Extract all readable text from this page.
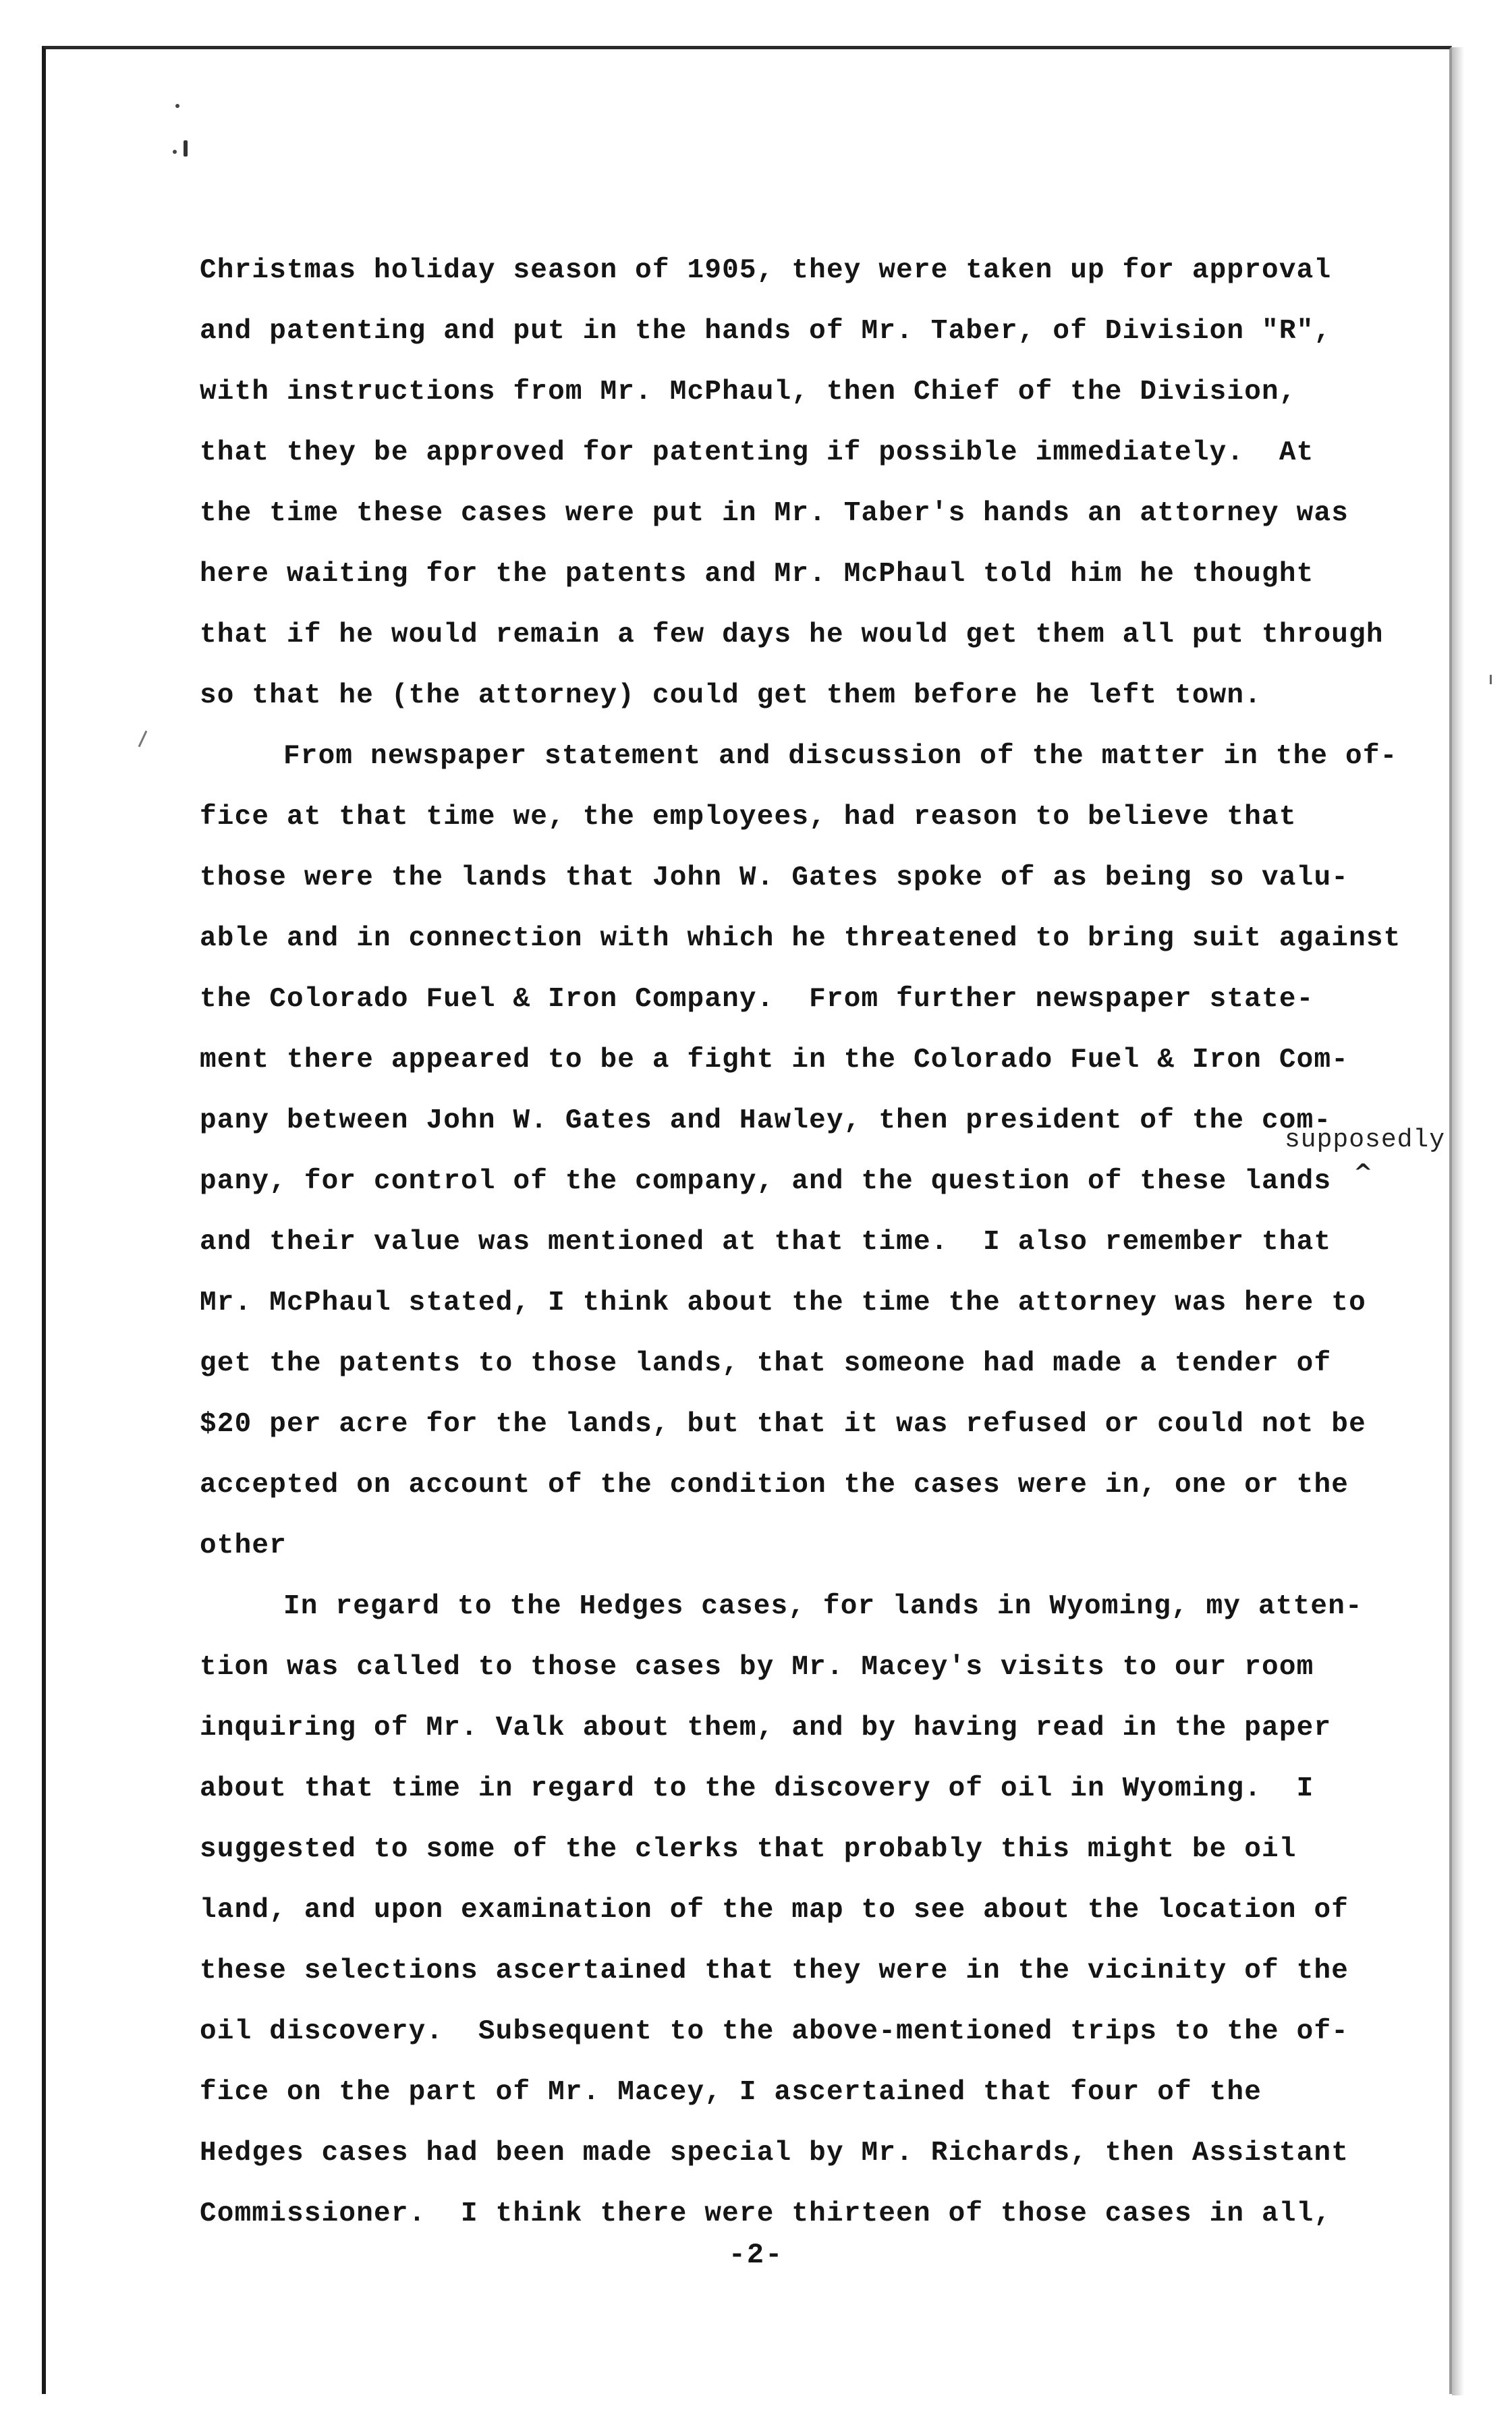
Christmas holiday season of 1905, they were taken up for approval
and patenting and put in the hands of Mr. Taber, of Division "R",
with instructions from Mr. McPhaul, then Chief of the Division,
that they be approved for patenting if possible immediately.  At
the time these cases were put in Mr. Taber's hands an attorney was
here waiting for the patents and Mr. McPhaul told him he thought
that if he would remain a few days he would get them all put through
so that he (the attorney) could get them before he left town.
From newspaper statement and discussion of the matter in the of-
fice at that time we, the employees, had reason to believe that
those were the lands that John W. Gates spoke of as being so valu-
able and in connection with which he threatened to bring suit against
the Colorado Fuel & Iron Company.  From further newspaper state-
ment there appeared to be a fight in the Colorado Fuel & Iron Com-
pany between John W. Gates and Hawley, then president of the com-
pany, for control of the company, and the question of these lands
and their value was mentioned at that time.  I also remember that
Mr. McPhaul stated, I think about the time the attorney was here to
get the patents to those lands, that someone had made a tender of
$20 per acre for the lands, but that it was refused or could not be
accepted on account of the condition the cases were in, one or the
other
In regard to the Hedges cases, for lands in Wyoming, my atten-
tion was called to those cases by Mr. Macey's visits to our room
inquiring of Mr. Valk about them, and by having read in the paper
about that time in regard to the discovery of oil in Wyoming.  I
suggested to some of the clerks that probably this might be oil
land, and upon examination of the map to see about the location of
these selections ascertained that they were in the vicinity of the
oil discovery.  Subsequent to the above-mentioned trips to the of-
fice on the part of Mr. Macey, I ascertained that four of the
Hedges cases had been made special by Mr. Richards, then Assistant
Commissioner.  I think there were thirteen of those cases in all,
supposedly
^
-2-
